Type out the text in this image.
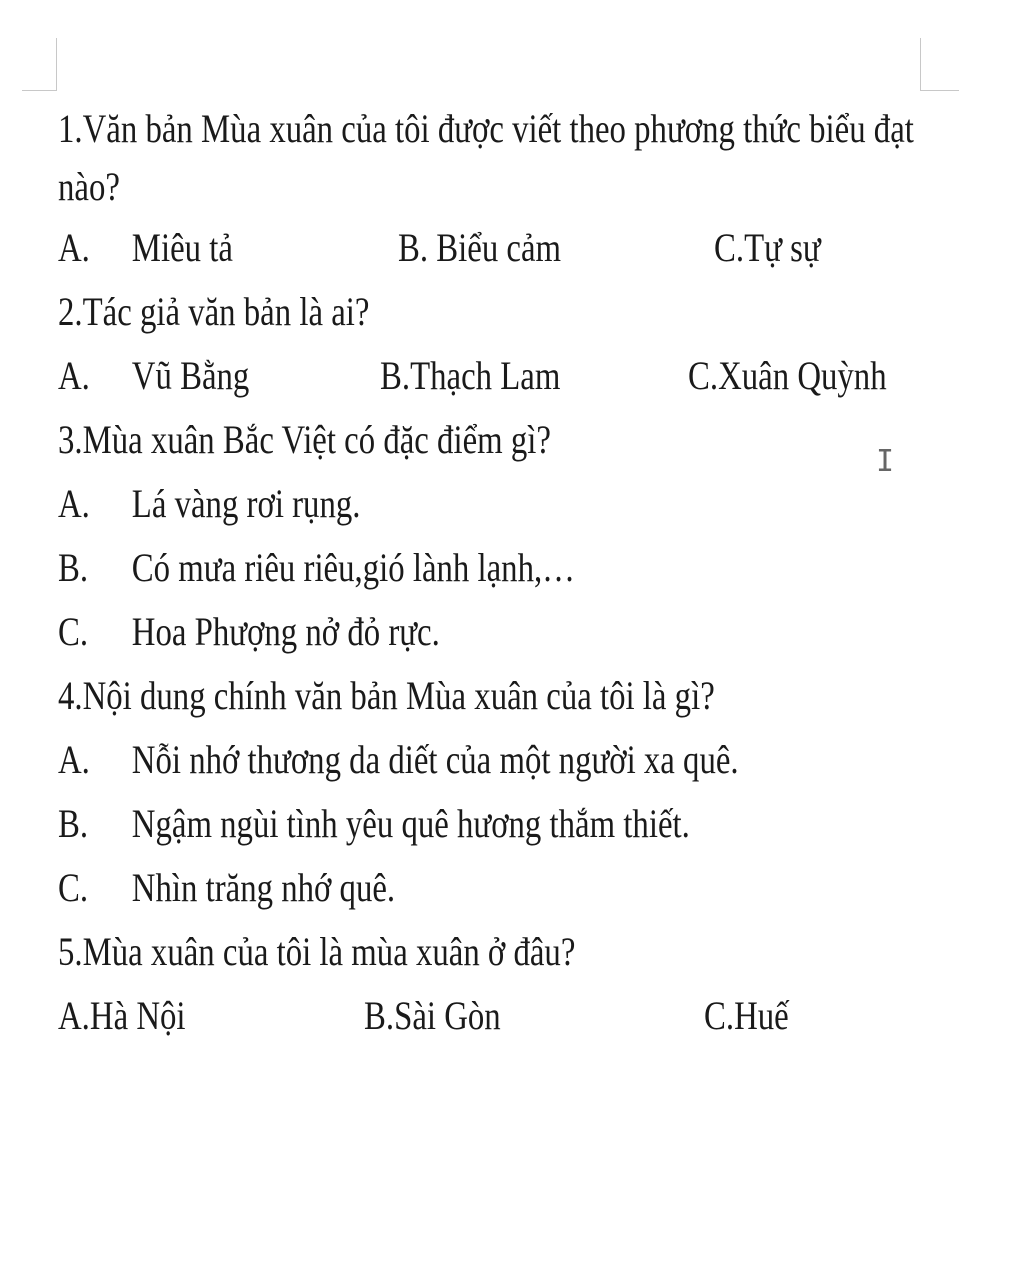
1.Văn bản Mùa xuân của tôi được viết theo phương thức biểu đạt nào?
A. Miêu tả	B. Biểu cảm	C.Tự sự
2.Tác giả văn bản là ai?
A. Vũ Bằng	B.Thạch Lam	C.Xuân Quỳnh
3.Mùa xuân Bắc Việt có đặc điểm gì?
A. Lá vàng rơi rụng.
B. Có mưa riêu riêu,gió lành lạnh,…
C. Hoa Phượng nở đỏ rực.
4.Nội dung chính văn bản Mùa xuân của tôi là gì?
A. Nỗi nhớ thương da diết của một người xa quê.
B. Ngậm ngùi tình yêu quê hương thắm thiết.
C. Nhìn trăng nhớ quê.
5.Mùa xuân của tôi là mùa xuân ở đâu?
A.Hà Nội	B.Sài Gòn	C.Huế
I
